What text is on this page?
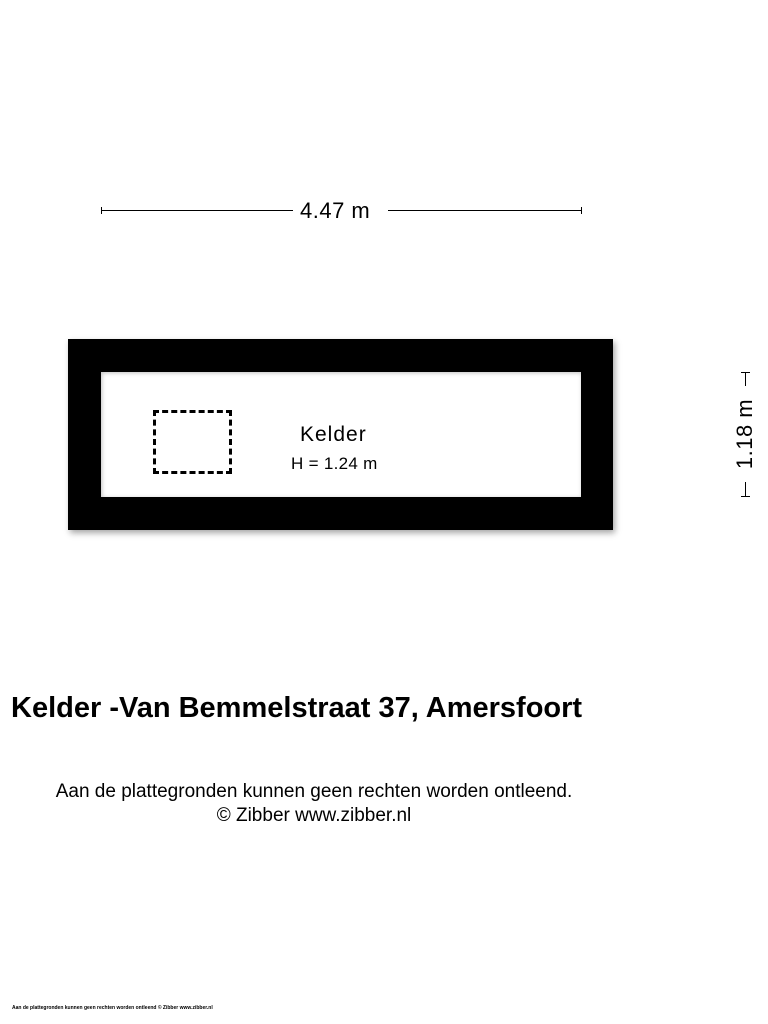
4.47 m
1.18 m
Kelder
H = 1.24 m
Kelder -Van Bemmelstraat 37, Amersfoort
Aan de plattegronden kunnen geen rechten worden ontleend.
© Zibber www.zibber.nl
Aan de plattegronden kunnen geen rechten worden ontleend © Zibber www.zibber.nl
